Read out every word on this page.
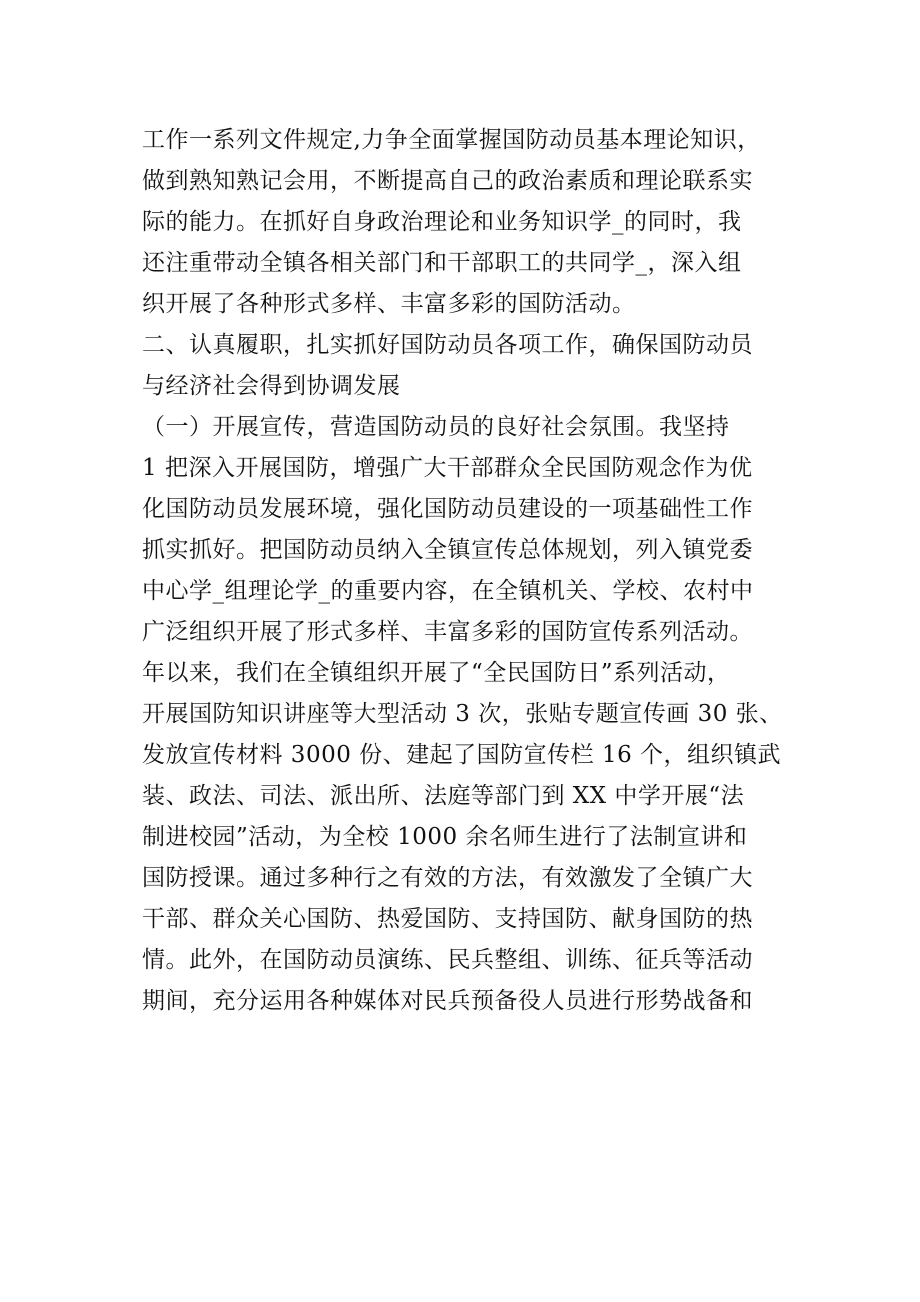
工作一系列文件规定,力争全面掌握国防动员基本理论知识，
做到熟知熟记会用，不断提高自己的政治素质和理论联系实
际的能力。在抓好自身政治理论和业务知识学_的同时，我
还注重带动全镇各相关部门和干部职工的共同学_，深入组
织开展了各种形式多样、丰富多彩的国防活动。
二、认真履职，扎实抓好国防动员各项工作，确保国防动员
与经济社会得到协调发展
（一）开展宣传，营造国防动员的良好社会氛围。我坚持
1 把深入开展国防，增强广大干部群众全民国防观念作为优
化国防动员发展环境，强化国防动员建设的一项基础性工作
抓实抓好。把国防动员纳入全镇宣传总体规划，列入镇党委
中心学_组理论学_的重要内容，在全镇机关、学校、农村中
广泛组织开展了形式多样、丰富多彩的国防宣传系列活动。
年以来，我们在全镇组织开展了“全民国防日”系列活动，
开展国防知识讲座等大型活动 3 次，张贴专题宣传画 30 张、
发放宣传材料 3000 份、建起了国防宣传栏 16 个，组织镇武
装、政法、司法、派出所、法庭等部门到 XX 中学开展“法
制进校园”活动，为全校 1000 余名师生进行了法制宣讲和
国防授课。通过多种行之有效的方法，有效激发了全镇广大
干部、群众关心国防、热爱国防、支持国防、献身国防的热
情。此外，在国防动员演练、民兵整组、训练、征兵等活动
期间，充分运用各种媒体对民兵预备役人员进行形势战备和
